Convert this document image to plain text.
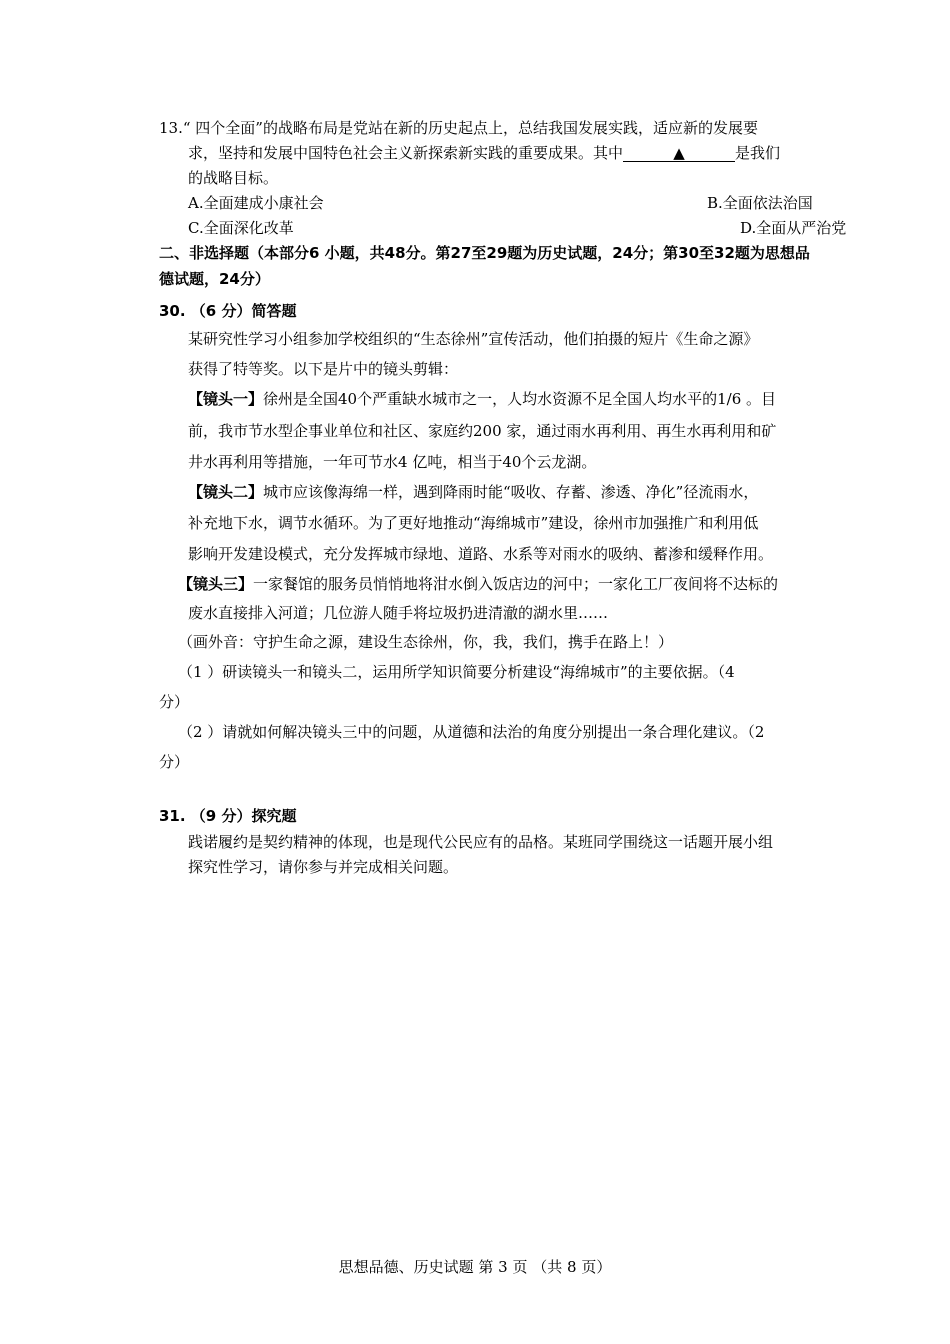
13.“ 四个全面”的战略布局是党站在新的历史起点上，总结我国发展实践，适应新的发展要
求，坚持和发展中国特色社会主义新探索新实践的重要成果。其中	▲	是我们
的战略目标。
A.全面建成小康社会	B.全面依法治国
C.全面深化改革	D.全面从严治党
二、非选择题（本部分6 小题，共48分。第27至29题为历史试题，24分；第30至32题为思想品
德试题，24分）
30. （6 分）简答题
某研究性学习小组参加学校组织的“生态徐州”宣传活动，他们拍摄的短片《生命之源》
获得了特等奖。以下是片中的镜头剪辑：
【镜头一】徐州是全国40个严重缺水城市之一，人均水资源不足全国人均水平的1/6 。目
前，我市节水型企事业单位和社区、家庭约200 家，通过雨水再利用、再生水再利用和矿
井水再利用等措施，一年可节水4 亿吨，相当于40个云龙湖。
【镜头二】城市应该像海绵一样，遇到降雨时能“吸收、存蓄、渗透、净化”径流雨水，
补充地下水，调节水循环。为了更好地推动“海绵城市”建设，徐州市加强推广和利用低
影响开发建设模式，充分发挥城市绿地、道路、水系等对雨水的吸纳、蓄渗和缓释作用。
【镜头三】一家餐馆的服务员悄悄地将泔水倒入饭店边的河中；一家化工厂夜间将不达标的
废水直接排入河道；几位游人随手将垃圾扔进清澈的湖水里……
（画外音：守护生命之源，建设生态徐州，你，我，我们，携手在路上！）
（1 ）研读镜头一和镜头二，运用所学知识简要分析建设“海绵城市”的主要依据。（4
分）
（2 ）请就如何解决镜头三中的问题，从道德和法治的角度分别提出一条合理化建议。（2
分）
31. （9 分）探究题
践诺履约是契约精神的体现，也是现代公民应有的品格。某班同学围绕这一话题开展小组
探究性学习，请你参与并完成相关问题。
思想品德、历史试题 第 3 页 （共 8 页）
